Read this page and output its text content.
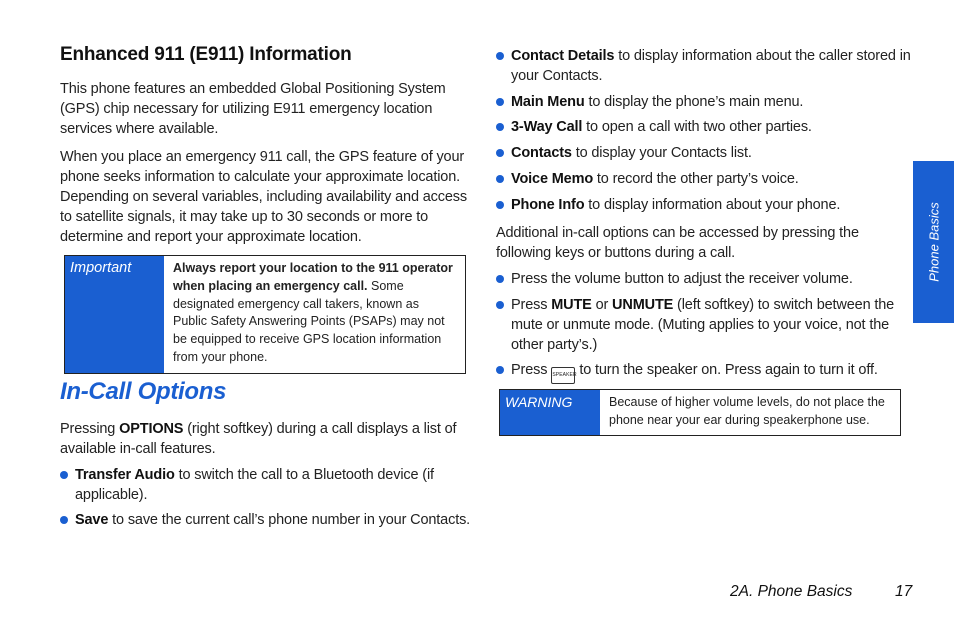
Enhanced 911 (E911) Information

This phone features an embedded Global Positioning System (GPS) chip necessary for utilizing E911 emergency location services where available.

When you place an emergency 911 call, the GPS feature of your phone seeks information to calculate your approximate location. Depending on several variables, including availability and access to satellite signals, it may take up to 30 seconds or more to determine and report your approximate location.

Important	Always report your location to the 911 operator when placing an emergency call. Some designated emergency call takers, known as Public Safety Answering Points (PSAPs) may not be equipped to receive GPS location information from your phone.
In-Call Options

Pressing OPTIONS (right softkey) during a call displays a list of available in-call features.

Transfer Audio to switch the call to a Bluetooth device (if applicable).
Save to save the current call’s phone number in your Contacts.
Contact Details to display information about the caller stored in your Contacts.
Main Menu to display the phone’s main menu.
3-Way Call to open a call with two other parties.
Contacts to display your Contacts list.
Voice Memo to record the other party’s voice.
Phone Info to display information about your phone.

Additional in-call options can be accessed by pressing the following keys or buttons during a call.

Press the volume button to adjust the receiver volume.
Press MUTE or UNMUTE (left softkey) to switch between the mute or unmute mode. (Muting applies to your voice, not the other party’s.)
Press SPEAKER to turn the speaker on. Press again to turn it off.
WARNING	Because of higher volume levels, do not place the phone near your ear during speakerphone use.
Phone Basics
2A. Phone Basics	17
